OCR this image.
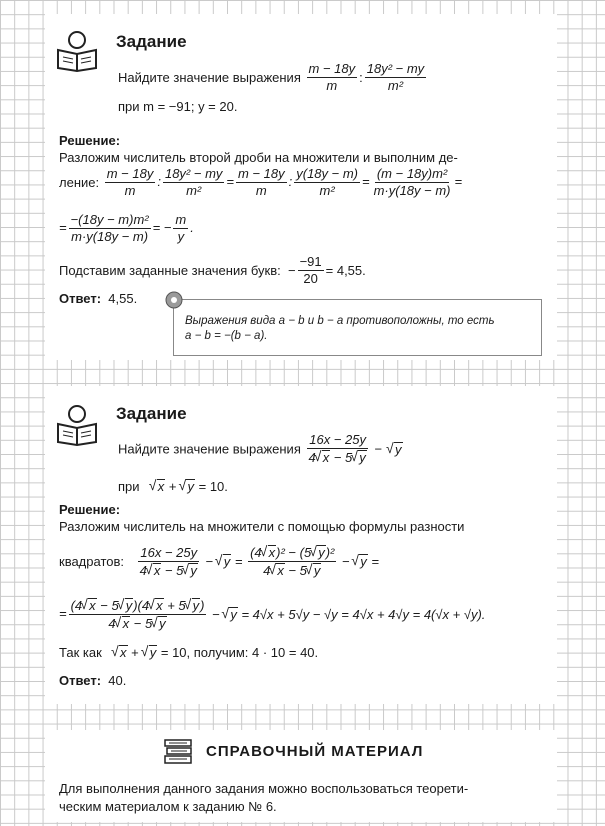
Задание
Найдите значение выражения $\frac{m - 18y}{m}$ : $\frac{\text{18y² − my}}{\text{m²}}$
при m = −91; y = 20.
Решение:
Разложим числитель второй дроби на множители и выполним де-
ление: $\frac{m - 18y}{m}$ : $\frac{\text{18y² − my}}{\text{m²}} = \frac{m - 18y}{m}$ : $\frac{y(18y - m)}{\text{m²}} = \frac{\text{(m − 18y)m²}}{m\cdot y(18y - m)}$ =
= $\frac{\text{−(18y − m)m²}}{m\cdot y(18y - m)}$ = − $\frac{m}{y}$ .
Подставим заданные значения букв:  − $\frac{-91}{20} = 4,55$.
Ответ: 4,55.
Выражения вида a − b и b − a противоположны, то есть
a − b = −(b − a).
Задание
Найдите значение выражения $\frac{16x - 25y}{4 √ x - 5 √ y}$ − √ y
при √ x + √ y = 10.
Решение:
Разложим числитель на множители с помощью формулы разности
квадратов: $\frac{16x - 25y}{4 √ x - 5 √ y}$ − √ $y = \frac{\text{(4 √ x)² − (5 √ y)²}}{4 √ x - 5 √ y}$ − √ y =
= $\frac{(4 √ x - 5 √ y)(4 √ x + 5 √ y)}{4 √ x - 5 √ y}$ − √ y = 4√x + 5√y − √y = 4√x + 4√y = 4(√x + √y).
Так как √ x + √ y = 10, получим: 4 · 10 = 40.
Ответ: 40.
СПРАВОЧНЫЙ МАТЕРИАЛ
Для выполнения данного задания можно воспользоваться теорети-
ческим материалом к заданию № 6.
